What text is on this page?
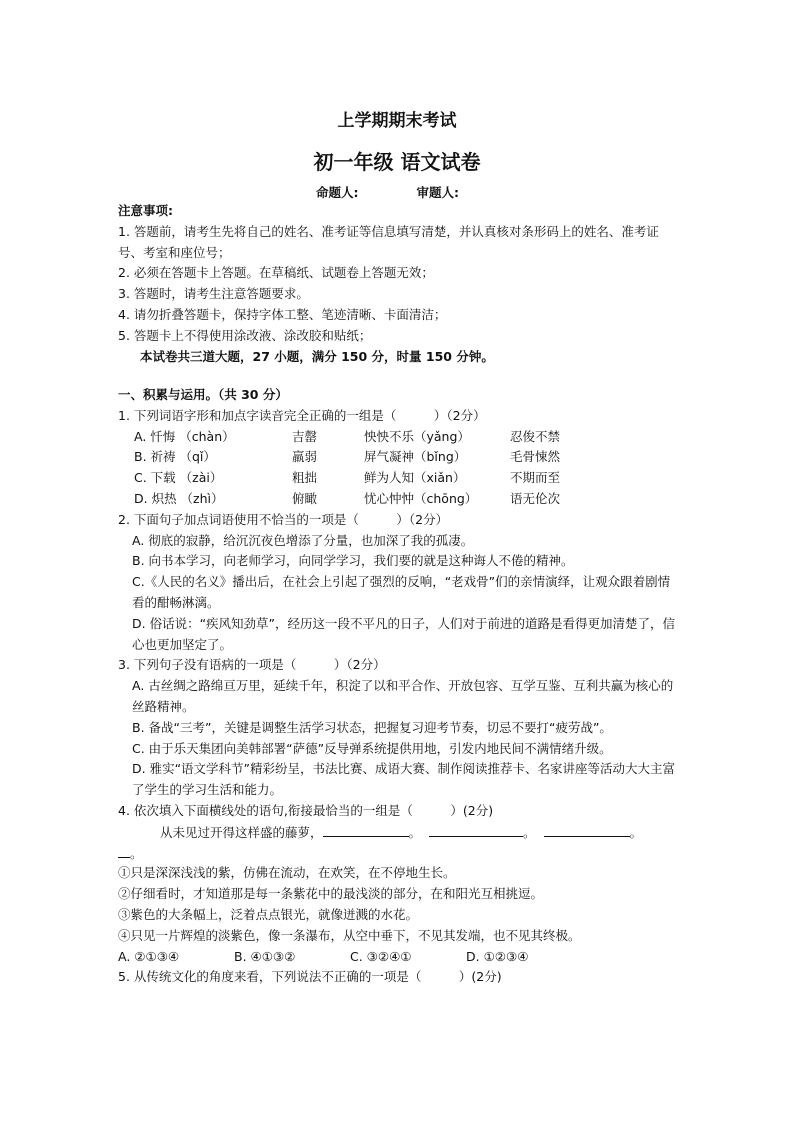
上学期期末考试
初一年级 语文试卷
命题人:	审题人:
注意事项:
1. 答题前，请考生先将自己的姓名、准考证等信息填写清楚，并认真核对条形码上的姓名、准考证号、考室和座位号；
2. 必须在答题卡上答题。在草稿纸、试题卷上答题无效；
3. 答题时，请考生注意答题要求。
4. 请勿折叠答题卡，保持字体工整、笔迹清晰、卡面清洁；
5. 答题卡上不得使用涂改液、涂改胶和贴纸；
本试卷共三道大题，27 小题，满分 150 分，时量 150 分钟。
一、积累与运用。（共 30 分）
1. 下列词语字形和加点字读音完全正确的一组是（　　　）（2分）
A. 忏悔 （chàn）	吉罄	怏怏不乐（yǎng）	忍俊不禁
B. 祈祷 （qǐ）	羸弱	屏气凝神（bǐng）	毛骨悚然
C. 下载 （zài）	粗拙	鲜为人知（xiǎn）	不期而至
D. 炽热 （zhì）	俯瞰	忧心忡忡（chōng）	语无伦次
2. 下面句子加点词语使用不恰当的一项是（　　　）（2分）
A. 彻底的寂静，给沉沉夜色增添了分量，也加深了我的孤凄。
B. 向书本学习，向老师学习，向同学学习，我们要的就是这种诲人不倦的精神。
C.《人民的名义》播出后，在社会上引起了强烈的反响，“老戏骨”们的亲情演绎，让观众跟着剧情看的酣畅淋漓。
D. 俗话说：“疾风知劲草”，经历这一段不平凡的日子，人们对于前进的道路是看得更加清楚了，信心也更加坚定了。
3. 下列句子没有语病的一项是（　　　）（2分）
A. 古丝绸之路绵亘万里，延续千年，积淀了以和平合作、开放包容、互学互鉴、互利共赢为核心的丝路精神。
B. 备战“三考”，关键是调整生活学习状态，把握复习迎考节奏，切忌不要打“疲劳战”。
C. 由于乐天集团向美韩部署“萨德”反导弹系统提供用地，引发内地民间不满情绪升级。
D. 雅实“语文学科节”精彩纷呈，书法比赛、成语大赛、制作阅读推荐卡、名家讲座等活动大大主富了学生的学习生活和能力。
4. 依次填入下面横线处的语句,衔接最恰当的一组是（　　　）(2分)
从未见过开得这样盛的藤萝，	。	。	。
。
①只是深深浅浅的紫，仿佛在流动，在欢笑，在不停地生长。
②仔细看时，才知道那是每一条紫花中的最浅淡的部分，在和阳光互相挑逗。
③紫色的大条幅上，泛着点点银光，就像迸溅的水花。
④只见一片辉煌的淡紫色，像一条瀑布，从空中垂下，不见其发端，也不见其终极。
A. ②①③④	B. ④①③②	C. ③②④①	D. ①②③④
5. 从传统文化的角度来看，下列说法不正确的一项是（　　　）(2分)
